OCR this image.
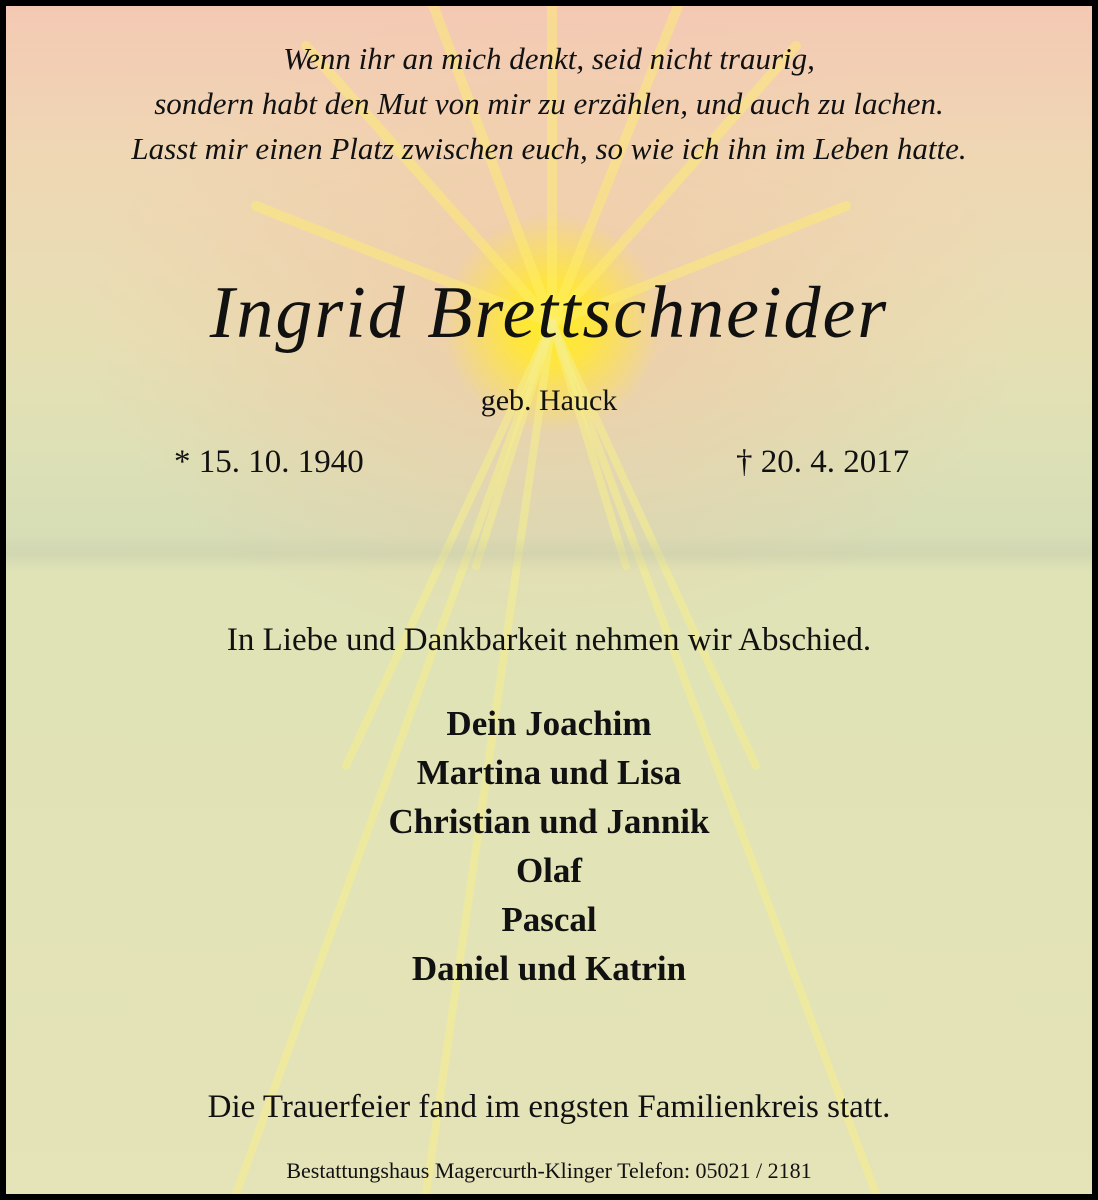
Wenn ihr an mich denkt, seid nicht traurig,
sondern habt den Mut von mir zu erzählen, und auch zu lachen.
Lasst mir einen Platz zwischen euch, so wie ich ihn im Leben hatte.
Ingrid Brettschneider
geb. Hauck
* 15. 10. 1940	† 20. 4. 2017
In Liebe und Dankbarkeit nehmen wir Abschied.
Dein Joachim
Martina und Lisa
Christian und Jannik
Olaf
Pascal
Daniel und Katrin
Die Trauerfeier fand im engsten Familienkreis statt.
Bestattungshaus Magercurth-Klinger Telefon: 05021 / 2181
